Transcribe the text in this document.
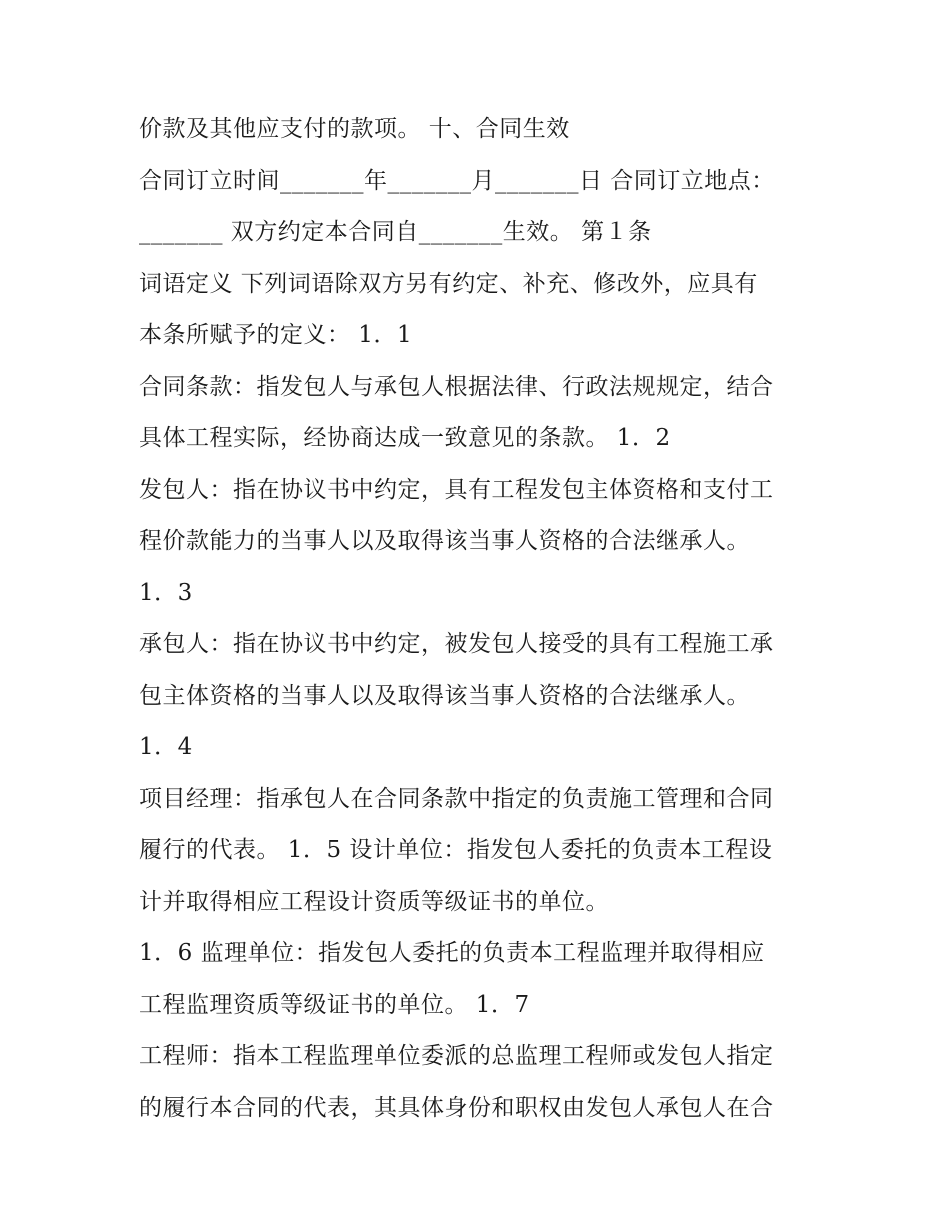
价款及其他应支付的款项。 十、合同生效
合同订立时间_______年_______月_______日 合同订立地点：
_______ 双方约定本合同自_______生效。 第１条
词语定义 下列词语除双方另有约定、补充、修改外，应具有
本条所赋予的定义： 1．1
合同条款：指发包人与承包人根据法律、行政法规规定，结合
具体工程实际，经协商达成一致意见的条款。 1．2
发包人：指在协议书中约定，具有工程发包主体资格和支付工
程价款能力的当事人以及取得该当事人资格的合法继承人。
1．3
承包人：指在协议书中约定，被发包人接受的具有工程施工承
包主体资格的当事人以及取得该当事人资格的合法继承人。
1．4
项目经理：指承包人在合同条款中指定的负责施工管理和合同
履行的代表。 1．5 设计单位：指发包人委托的负责本工程设
计并取得相应工程设计资质等级证书的单位。
1．6 监理单位：指发包人委托的负责本工程监理并取得相应
工程监理资质等级证书的单位。 1．7
工程师：指本工程监理单位委派的总监理工程师或发包人指定
的履行本合同的代表，其具体身份和职权由发包人承包人在合
